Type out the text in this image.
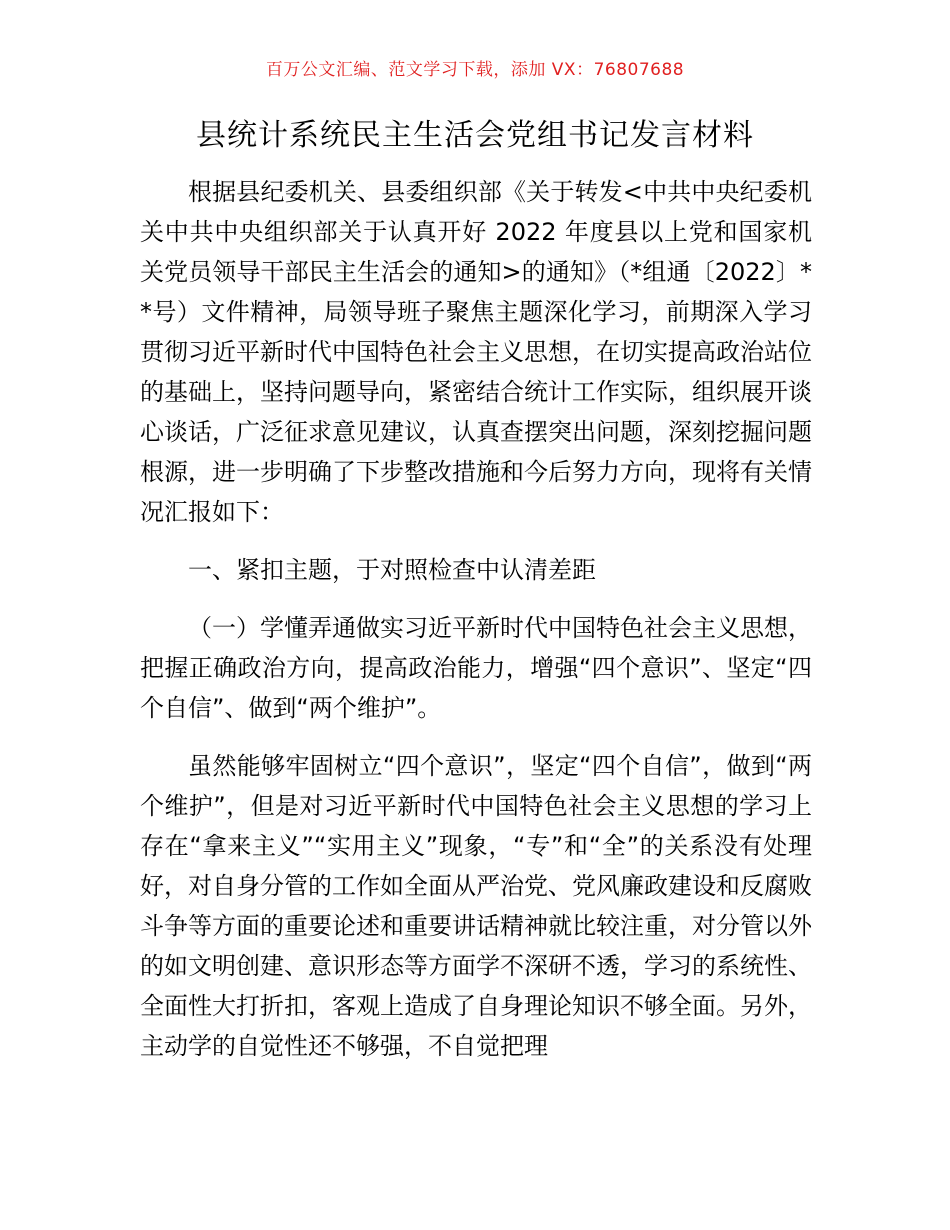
百万公文汇编、范文学习下载，添加 VX：76807688
县统计系统民主生活会党组书记发言材料

根据县纪委机关、县委组织部《关于转发<中共中央纪委机关中共中央组织部关于认真开好 2022 年度县以上党和国家机关党员领导干部民主生活会的通知>的通知》（*组通〔2022〕**号）文件精神，局领导班子聚焦主题深化学习，前期深入学习贯彻习近平新时代中国特色社会主义思想，在切实提高政治站位的基础上，坚持问题导向，紧密结合统计工作实际，组织展开谈心谈话，广泛征求意见建议，认真查摆突出问题，深刻挖掘问题根源，进一步明确了下步整改措施和今后努力方向，现将有关情况汇报如下：

一、紧扣主题，于对照检查中认清差距

（一）学懂弄通做实习近平新时代中国特色社会主义思想，把握正确政治方向，提高政治能力，增强“四个意识”、坚定“四个自信”、做到“两个维护”。

虽然能够牢固树立“四个意识”，坚定“四个自信”，做到“两个维护”，但是对习近平新时代中国特色社会主义思想的学习上存在“拿来主义”“实用主义”现象，“专”和“全”的关系没有处理好，对自身分管的工作如全面从严治党、党风廉政建设和反腐败斗争等方面的重要论述和重要讲话精神就比较注重，对分管以外的如文明创建、意识形态等方面学不深研不透，学习的系统性、全面性大打折扣，客观上造成了自身理论知识不够全面。另外，主动学的自觉性还不够强，不自觉把理
